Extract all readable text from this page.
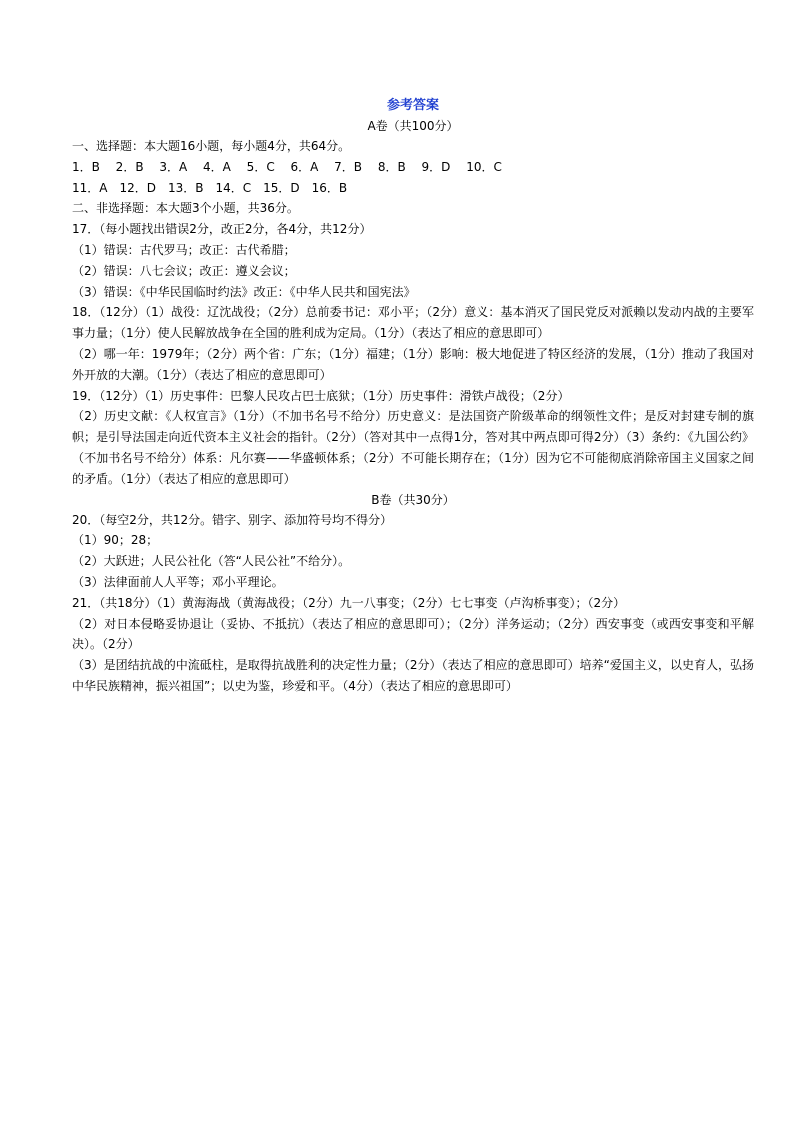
参考答案
A卷（共100分）
一、选择题：本大题16小题，每小题4分，共64分。
1．B　 2．B　 3．A　 4．A　 5．C　 6．A　 7．B　 8．B　 9．D　 10．C
11．A　12．D　13．B　14．C　15．D　16．B
二、非选择题：本大题3个小题，共36分。
17．（每小题找出错误2分，改正2分，各4分，共12分）
（1）错误：古代罗马；改正：古代希腊；
（2）错误：八七会议；改正：遵义会议；
（3）错误：《中华民国临时约法》改正：《中华人民共和国宪法》
18．（12分）（1）战役：辽沈战役；（2分）总前委书记：邓小平；（2分）意义：基本消灭了国民党反对派赖以发动内战的主要军事力量；（1分）使人民解放战争在全国的胜利成为定局。（1分）（表达了相应的意思即可）
（2）哪一年：1979年；（2分）两个省：广东；（1分）福建；（1分）影响：极大地促进了特区经济的发展，（1分）推动了我国对外开放的大潮。（1分）（表达了相应的意思即可）
19．（12分）（1）历史事件：巴黎人民攻占巴士底狱；（1分）历史事件：滑铁卢战役；（2分）
（2）历史文献：《人权宣言》（1分）（不加书名号不给分）历史意义：是法国资产阶级革命的纲领性文件；是反对封建专制的旗帜；是引导法国走向近代资本主义社会的指针。（2分）（答对其中一点得1分，答对其中两点即可得2分）（3）条约：《九国公约》（不加书名号不给分）体系：凡尔赛——华盛顿体系；（2分）不可能长期存在；（1分）因为它不可能彻底消除帝国主义国家之间的矛盾。（1分）（表达了相应的意思即可）
B卷（共30分）
20．（每空2分，共12分。错字、别字、添加符号均不得分）
（1）90；28；
（2）大跃进；人民公社化（答“人民公社”不给分）。
（3）法律面前人人平等；邓小平理论。
21．（共18分）（1）黄海海战（黄海战役；（2分）九一八事变；（2分）七七事变（卢沟桥事变）；（2分）
（2）对日本侵略妥协退让（妥协、不抵抗）（表达了相应的意思即可）；（2分）洋务运动；（2分）西安事变（或西安事变和平解决）。（2分）
（3）是团结抗战的中流砥柱，是取得抗战胜利的决定性力量；（2分）（表达了相应的意思即可）培养“爱国主义，以史育人，弘扬中华民族精神，振兴祖国”；以史为鉴，珍爱和平。（4分）（表达了相应的意思即可）
